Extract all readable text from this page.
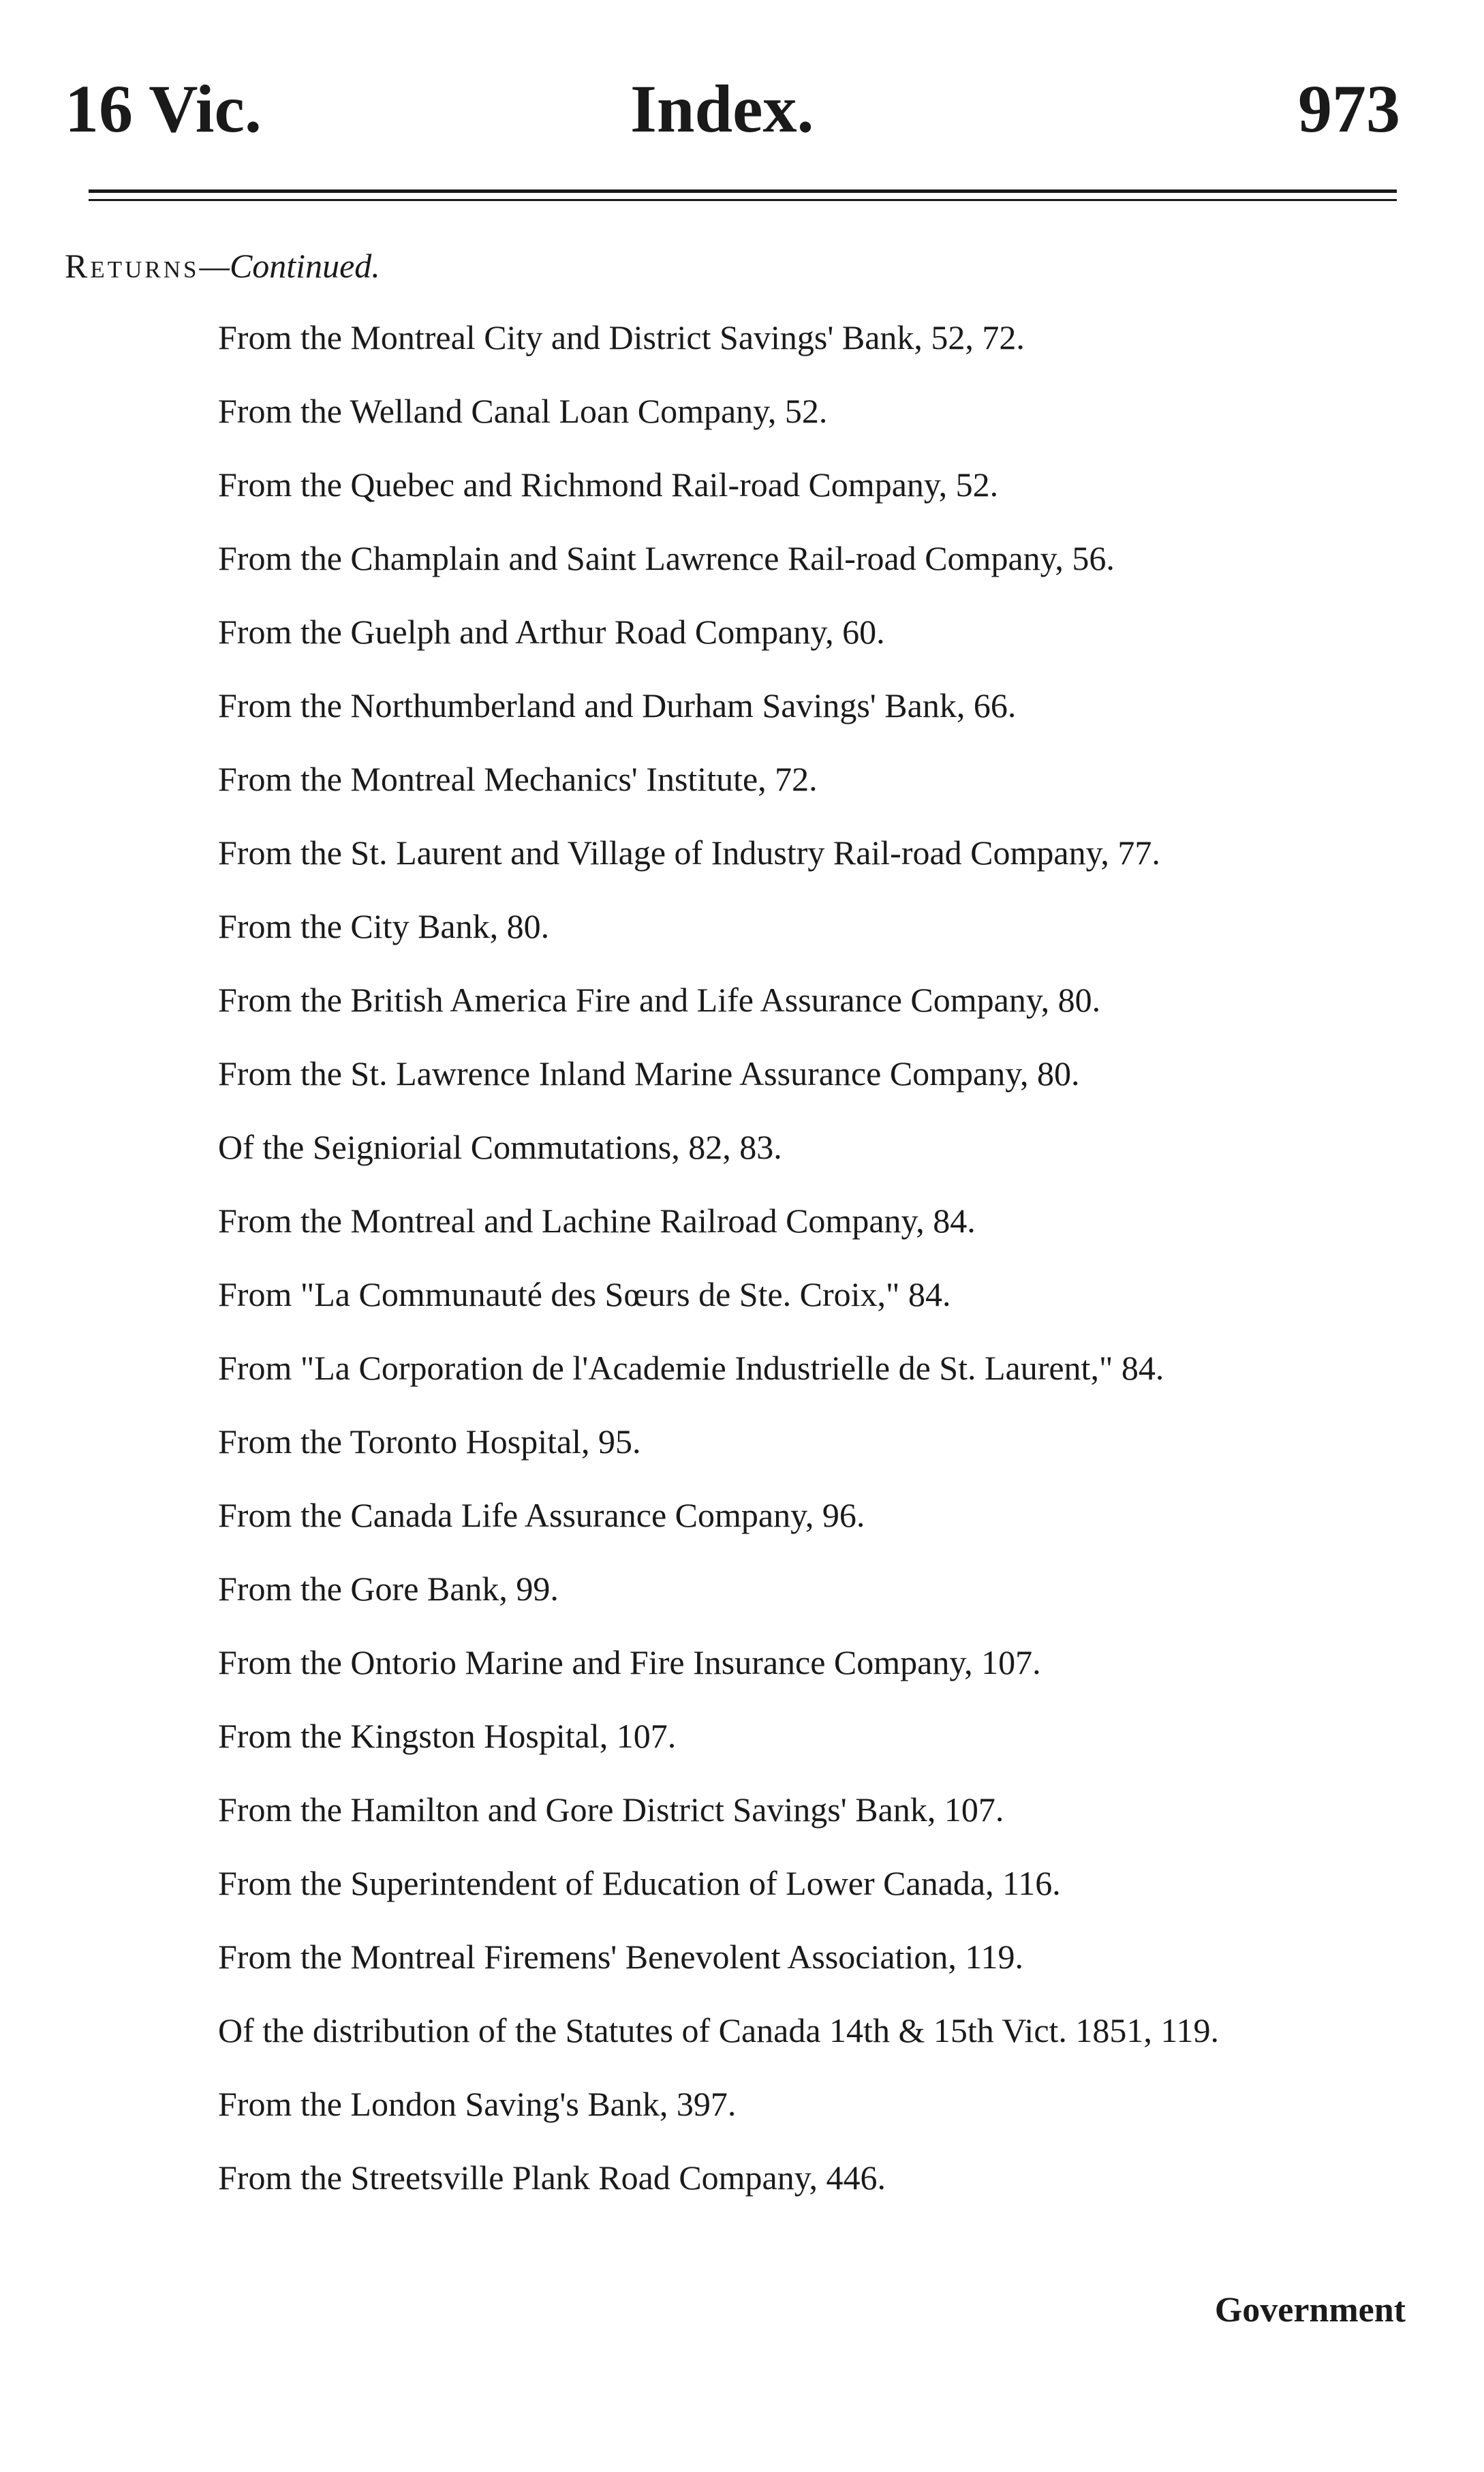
16 Vic.	Index.	973
Returns—Continued.
From the Montreal City and District Savings' Bank, 52, 72.
From the Welland Canal Loan Company, 52.
From the Quebec and Richmond Rail-road Company, 52.
From the Champlain and Saint Lawrence Rail-road Company, 56.
From the Guelph and Arthur Road Company, 60.
From the Northumberland and Durham Savings' Bank, 66.
From the Montreal Mechanics' Institute, 72.
From the St. Laurent and Village of Industry Rail-road Company, 77.
From the City Bank, 80.
From the British America Fire and Life Assurance Company, 80.
From the St. Lawrence Inland Marine Assurance Company, 80.
Of the Seigniorial Commutations, 82, 83.
From the Montreal and Lachine Railroad Company, 84.
From "La Communauté des Sœurs de Ste. Croix," 84.
From "La Corporation de l'Academie Industrielle de St. Laurent," 84.
From the Toronto Hospital, 95.
From the Canada Life Assurance Company, 96.
From the Gore Bank, 99.
From the Ontorio Marine and Fire Insurance Company, 107.
From the Kingston Hospital, 107.
From the Hamilton and Gore District Savings' Bank, 107.
From the Superintendent of Education of Lower Canada, 116.
From the Montreal Firemens' Benevolent Association, 119.
Of the distribution of the Statutes of Canada 14th & 15th Vict. 1851, 119.
From the London Saving's Bank, 397.
From the Streetsville Plank Road Company, 446.
Government
